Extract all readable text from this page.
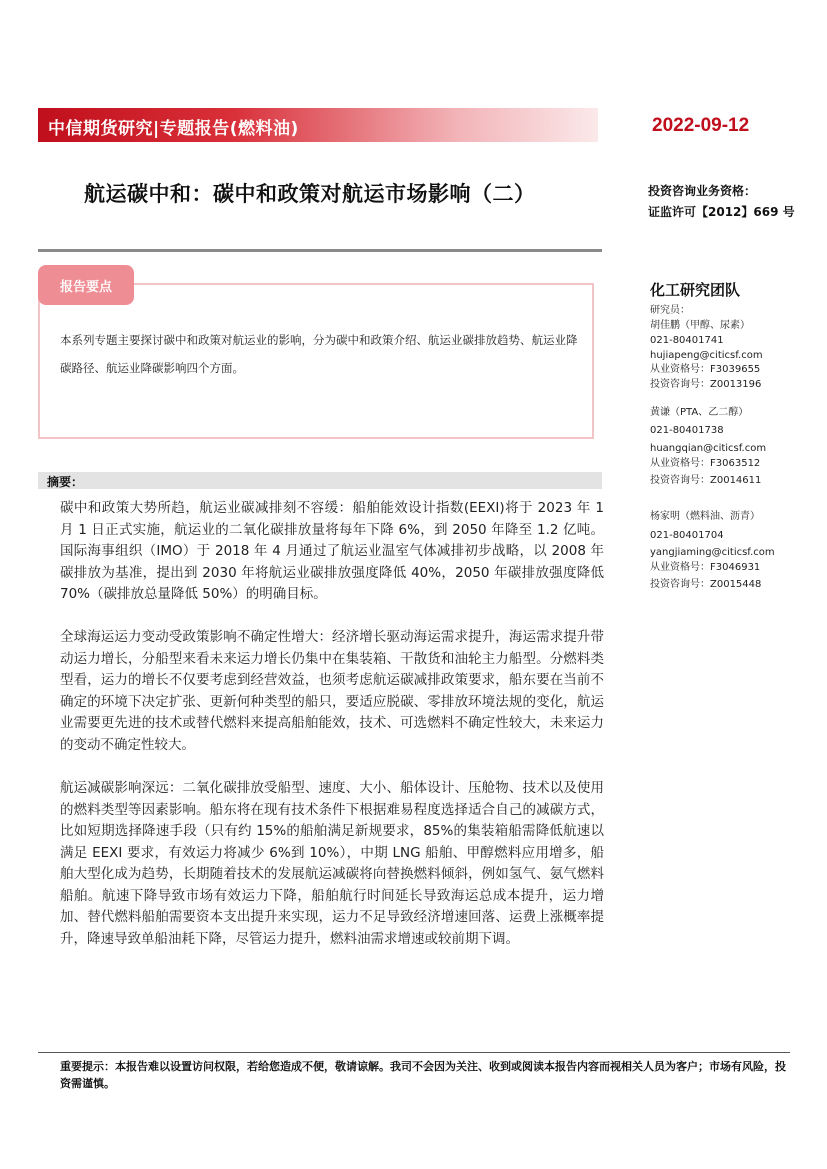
中信期货研究|专题报告(燃料油)	2022-09-12
航运碳中和：碳中和政策对航运市场影响（二）	投资咨询业务资格：
证监许可【2012】669 号
报告要点
本系列专题主要探讨碳中和政策对航运业的影响，分为碳中和政策介绍、航运业碳排放趋势、航运业降碳路径、航运业降碳影响四个方面。
摘要：

碳中和政策大势所趋，航运业碳减排刻不容缓：船舶能效设计指数(EEXI)将于 2023 年 1 月 1 日正式实施，航运业的二氧化碳排放量将每年下降 6%，到 2050 年降至 1.2 亿吨。国际海事组织（IMO）于 2018 年 4 月通过了航运业温室气体减排初步战略，以 2008 年碳排放为基准，提出到 2030 年将航运业碳排放强度降低 40%，2050 年碳排放强度降低 70%（碳排放总量降低 50%）的明确目标。

全球海运运力变动受政策影响不确定性增大：经济增长驱动海运需求提升，海运需求提升带动运力增长，分船型来看未来运力增长仍集中在集装箱、干散货和油轮主力船型。分燃料类型看，运力的增长不仅要考虑到经营效益，也须考虑航运碳减排政策要求，船东要在当前不确定的环境下决定扩张、更新何种类型的船只，要适应脱碳、零排放环境法规的变化，航运业需要更先进的技术或替代燃料来提高船舶能效，技术、可选燃料不确定性较大，未来运力的变动不确定性较大。

航运减碳影响深远：二氧化碳排放受船型、速度、大小、船体设计、压舱物、技术以及使用的燃料类型等因素影响。船东将在现有技术条件下根据难易程度选择适合自己的减碳方式，比如短期选择降速手段（只有约 15%的船舶满足新规要求，85%的集装箱船需降低航速以满足 EEXI 要求，有效运力将减少 6%到 10%），中期 LNG 船舶、甲醇燃料应用增多，船舶大型化成为趋势，长期随着技术的发展航运减碳将向替换燃料倾斜，例如氢气、氨气燃料船舶。航速下降导致市场有效运力下降，船舶航行时间延长导致海运总成本提升，运力增加、替代燃料船舶需要资本支出提升来实现，运力不足导致经济增速回落、运费上涨概率提升，降速导致单船油耗下降，尽管运力提升，燃料油需求增速或较前期下调。

化工研究团队
研究员：
胡佳鹏（甲醇、尿素）
021-80401741
hujiapeng@citicsf.com
从业资格号：F3039655
投资咨询号：Z0013196
黄谦（PTA、乙二醇）
021-80401738
huangqian@citicsf.com
从业资格号：F3063512
投资咨询号：Z0014611
杨家明（燃料油、沥青）
021-80401704
yangjiaming@citicsf.com
从业资格号：F3046931
投资咨询号：Z0015448
重要提示：本报告难以设置访问权限，若给您造成不便，敬请谅解。我司不会因为关注、收到或阅读本报告内容而视相关人员为客户；市场有风险，投资需谨慎。
